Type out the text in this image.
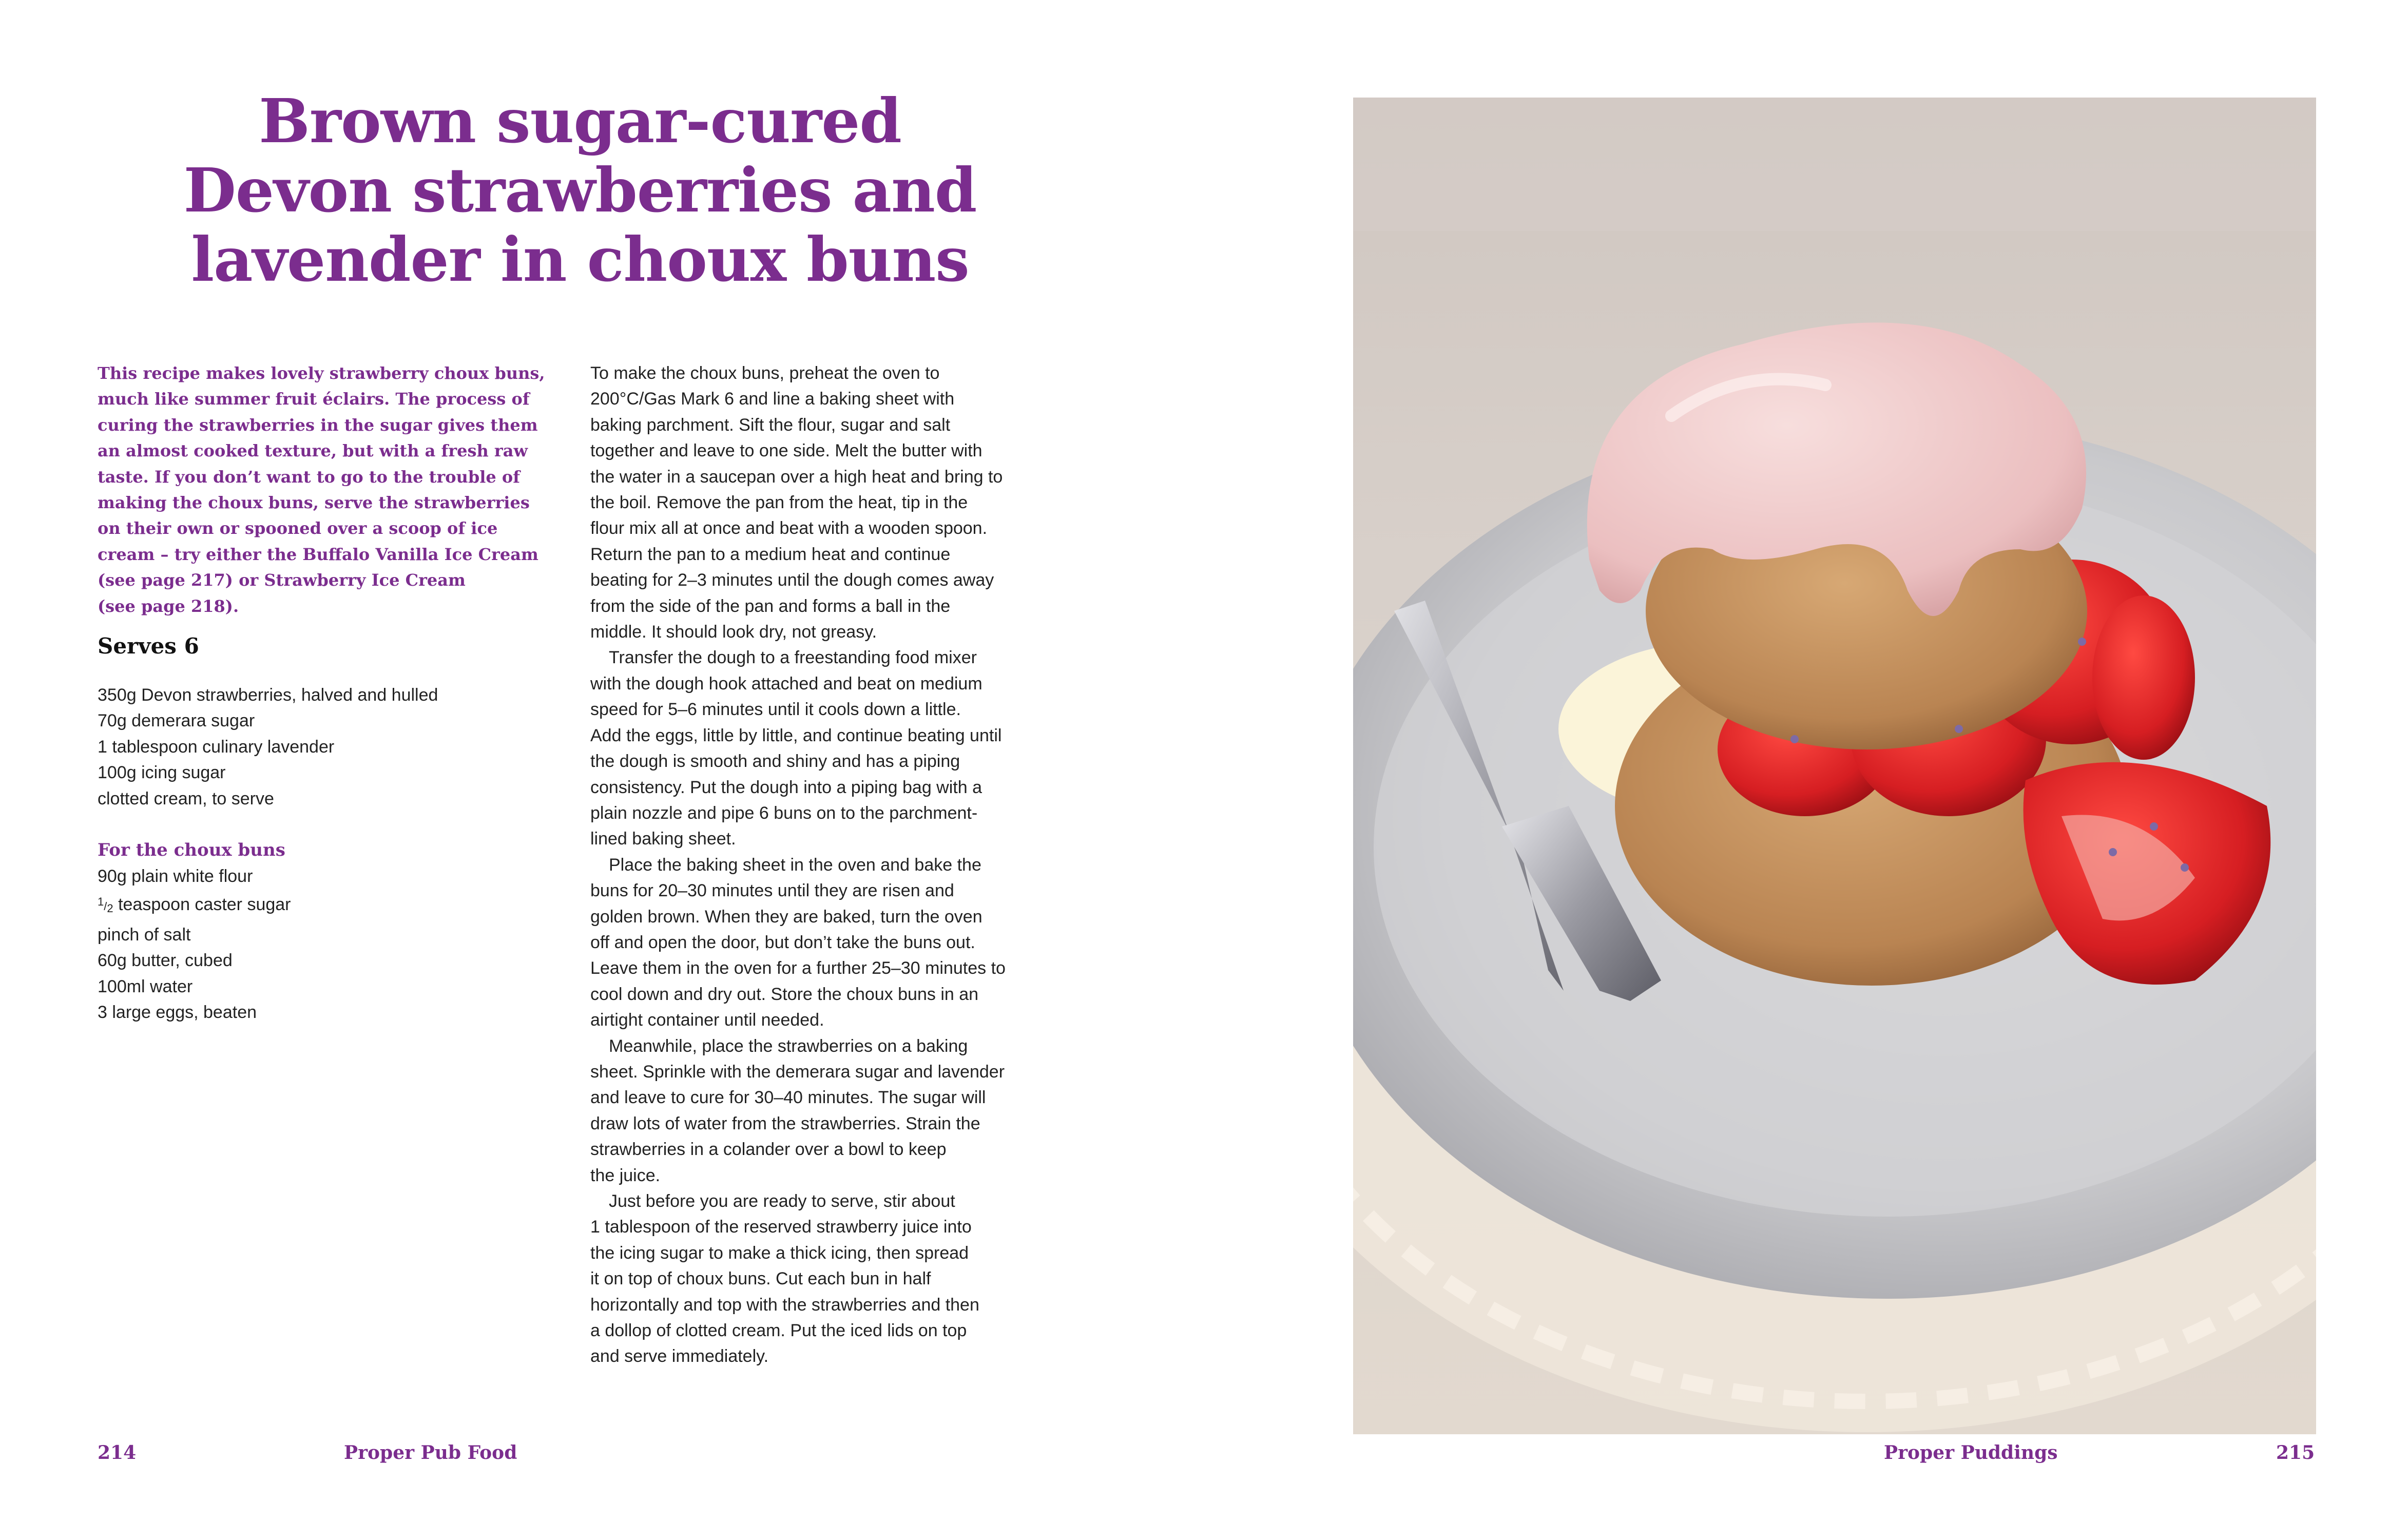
Brown sugar-cured
Devon strawberries and
lavender in choux buns

This recipe makes lovely strawberry choux buns,
much like summer fruit éclairs. The process of
curing the strawberries in the sugar gives them
an almost cooked texture, but with a fresh raw
taste. If you don’t want to go to the trouble of
making the choux buns, serve the strawberries
on their own or spooned over a scoop of ice
cream – try either the Buffalo Vanilla Ice Cream
(see page 217) or Strawberry Ice Cream
(see page 218).

Serves 6
350g Devon strawberries, halved and hulled
70g demerara sugar
1 tablespoon culinary lavender
100g icing sugar
clotted cream, to serve
For the choux buns
90g plain white flour
$^1/_2$ teaspoon caster sugar
pinch of salt
60g butter, cubed
100ml water
3 large eggs, beaten

To make the choux buns, preheat the oven to
200°C/Gas Mark 6 and line a baking sheet with
baking parchment. Sift the flour, sugar and salt
together and leave to one side. Melt the butter with
the water in a saucepan over a high heat and bring to
the boil. Remove the pan from the heat, tip in the
flour mix all at once and beat with a wooden spoon.
Return the pan to a medium heat and continue
beating for 2–3 minutes until the dough comes away
from the side of the pan and forms a ball in the
middle. It should look dry, not greasy.
Transfer the dough to a freestanding food mixer
with the dough hook attached and beat on medium
speed for 5–6 minutes until it cools down a little.
Add the eggs, little by little, and continue beating until
the dough is smooth and shiny and has a piping
consistency. Put the dough into a piping bag with a
plain nozzle and pipe 6 buns on to the parchment-
lined baking sheet.
Place the baking sheet in the oven and bake the
buns for 20–30 minutes until they are risen and
golden brown. When they are baked, turn the oven
off and open the door, but don’t take the buns out.
Leave them in the oven for a further 25–30 minutes to
cool down and dry out. Store the choux buns in an
airtight container until needed.
Meanwhile, place the strawberries on a baking
sheet. Sprinkle with the demerara sugar and lavender
and leave to cure for 30–40 minutes. The sugar will
draw lots of water from the strawberries. Strain the
strawberries in a colander over a bowl to keep
the juice.
Just before you are ready to serve, stir about
1 tablespoon of the reserved strawberry juice into
the icing sugar to make a thick icing, then spread
it on top of choux buns. Cut each bun in half
horizontally and top with the strawberries and then
a dollop of clotted cream. Put the iced lids on top
and serve immediately.

214	Proper Pub Food	Proper Puddings	215
